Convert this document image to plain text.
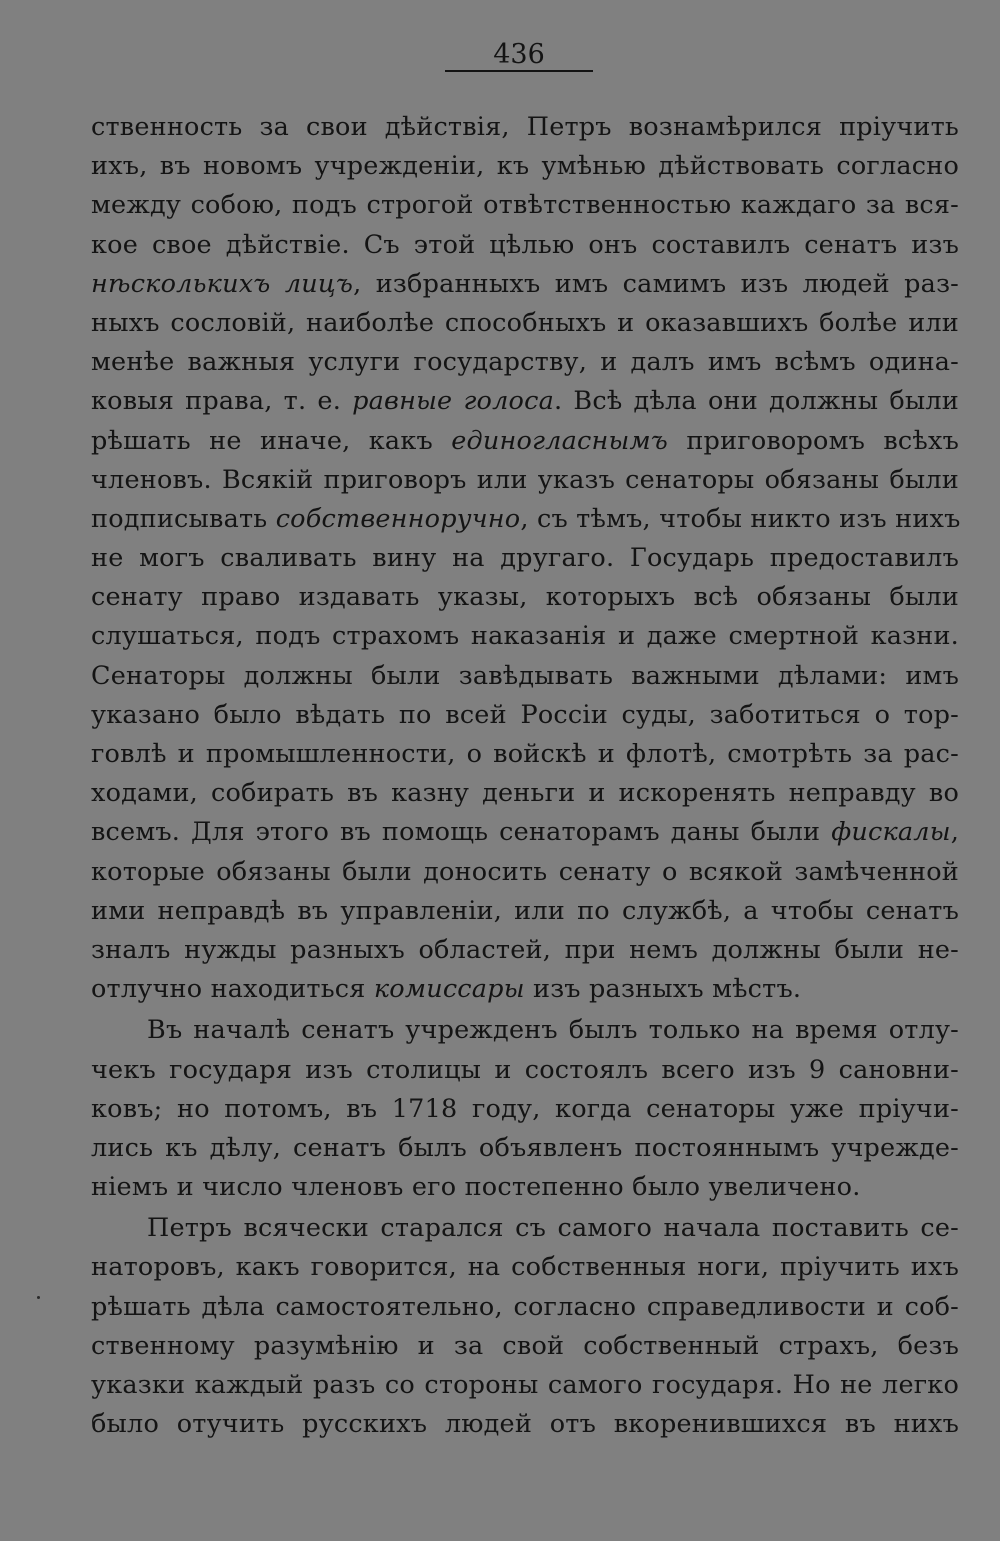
436
ственность за свои дѣйствія, Петръ вознамѣрился пріучить
ихъ, въ новомъ учрежденіи, къ умѣнью дѣйствовать согласно
между собою, подъ строгой отвѣтственностью каждаго за вся-
кое свое дѣйствіе. Съ этой цѣлью онъ составилъ сенатъ изъ
нѣсколькихъ лицъ, избранныхъ имъ самимъ изъ людей раз-
ныхъ сословій, наиболѣе способныхъ и оказавшихъ болѣе или
менѣе важныя услуги государству, и далъ имъ всѣмъ одина-
ковыя права, т. е. равные голоса. Всѣ дѣла они должны были
рѣшать не иначе, какъ единогласнымъ приговоромъ всѣхъ
членовъ. Всякій приговоръ или указъ сенаторы обязаны были
подписывать собственноручно, съ тѣмъ, чтобы никто изъ нихъ
не могъ сваливать вину на другаго. Государь предоставилъ
сенату право издавать указы, которыхъ всѣ обязаны были
слушаться, подъ страхомъ наказанія и даже смертной казни.
Сенаторы должны были завѣдывать важными дѣлами: имъ
указано было вѣдать по всей Россіи суды, заботиться о тор-
говлѣ и промышленности, о войскѣ и флотѣ, смотрѣть за рас-
ходами, собирать въ казну деньги и искоренять неправду во
всемъ. Для этого въ помощь сенаторамъ даны были фискалы,
которые обязаны были доносить сенату о всякой замѣченной
ими неправдѣ въ управленіи, или по службѣ, а чтобы сенатъ
зналъ нужды разныхъ областей, при немъ должны были не-
отлучно находиться комиссары изъ разныхъ мѣстъ.
Въ началѣ сенатъ учрежденъ былъ только на время отлу-
чекъ государя изъ столицы и состоялъ всего изъ 9 сановни-
ковъ; но потомъ, въ 1718 году, когда сенаторы уже пріучи-
лись къ дѣлу, сенатъ былъ объявленъ постояннымъ учрежде-
ніемъ и число членовъ его постепенно было увеличено.
Петръ всячески старался съ самого начала поставить се-
наторовъ, какъ говорится, на собственныя ноги, пріучить ихъ
рѣшать дѣла самостоятельно, согласно справедливости и соб-
ственному разумѣнію и за свой собственный страхъ, безъ
указки каждый разъ со стороны самого государя. Но не легко
было отучить русскихъ людей отъ вкоренившихся въ нихъ
